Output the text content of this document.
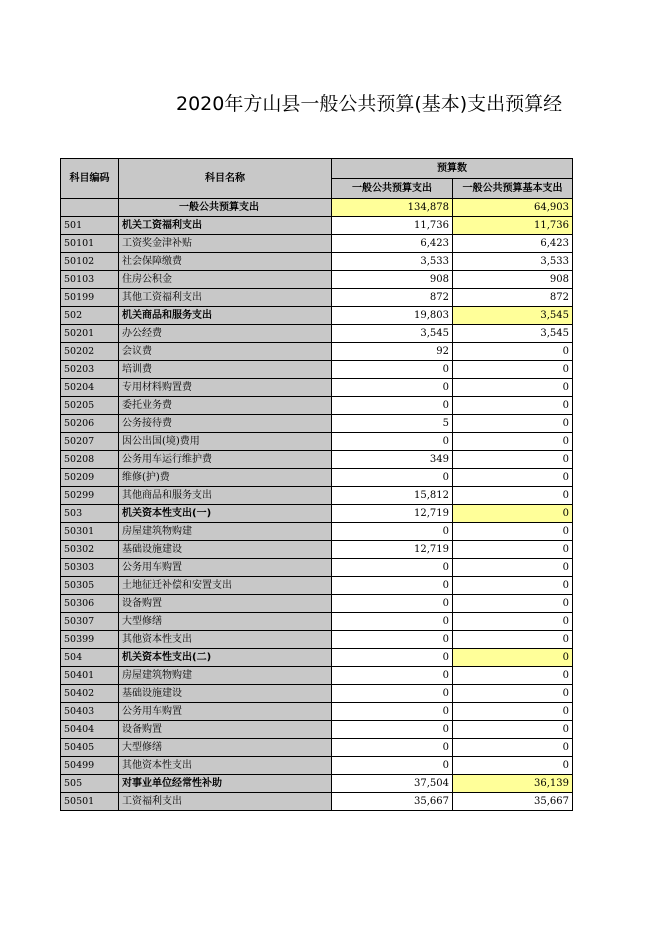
2020年方山县一般公共预算(基本)支出预算经
科目编码	科目名称	预算数	
		一般公共预算支出	一般公共预算基本支出
	一般公共预算支出	134,878	64,903
501	机关工资福利支出	11,736	11,736
50101	工资奖金津补贴	6,423	6,423
50102	社会保障缴费	3,533	3,533
50103	住房公积金	908	908
50199	其他工资福利支出	872	872
502	机关商品和服务支出	19,803	3,545
50201	办公经费	3,545	3,545
50202	会议费	92	0
50203	培训费	0	0
50204	专用材料购置费	0	0
50205	委托业务费	0	0
50206	公务接待费	5	0
50207	因公出国(境)费用	0	0
50208	公务用车运行维护费	349	0
50209	维修(护)费	0	0
50299	其他商品和服务支出	15,812	0
503	机关资本性支出(一)	12,719	0
50301	房屋建筑物购建	0	0
50302	基础设施建设	12,719	0
50303	公务用车购置	0	0
50305	土地征迁补偿和安置支出	0	0
50306	设备购置	0	0
50307	大型修缮	0	0
50399	其他资本性支出	0	0
504	机关资本性支出(二)	0	0
50401	房屋建筑物购建	0	0
50402	基础设施建设	0	0
50403	公务用车购置	0	0
50404	设备购置	0	0
50405	大型修缮	0	0
50499	其他资本性支出	0	0
505	对事业单位经常性补助	37,504	36,139
50501	工资福利支出	35,667	35,667
